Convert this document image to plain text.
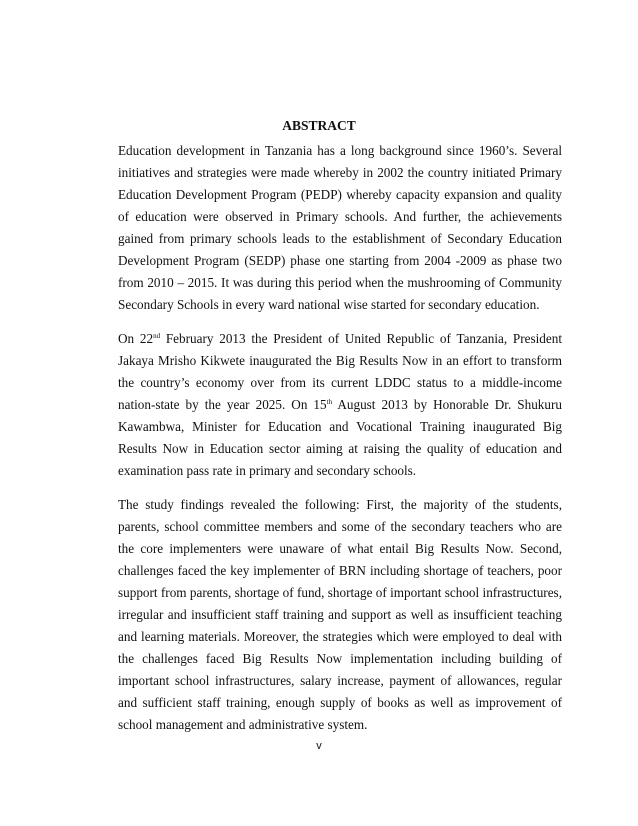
ABSTRACT

Education development in Tanzania has a long background since 1960’s. Several initiatives and strategies were made whereby in 2002 the country initiated Primary Education Development Program (PEDP) whereby capacity expansion and quality of education were observed in Primary schools. And further, the achievements gained from primary schools leads to the establishment of Secondary Education Development Program (SEDP) phase one starting from 2004 -2009 as phase two from 2010 – 2015. It was during this period when the mushrooming of Community Secondary Schools in every ward national wise started for secondary education.

On 22nd February 2013 the President of United Republic of Tanzania, President Jakaya Mrisho Kikwete inaugurated the Big Results Now in an effort to transform the country’s economy over from its current LDDC status to a middle-income nation-state by the year 2025. On 15th August 2013 by Honorable Dr. Shukuru Kawambwa, Minister for Education and Vocational Training inaugurated Big Results Now in Education sector aiming at raising the quality of education and examination pass rate in primary and secondary schools.

The study findings revealed the following: First, the majority of the students, parents, school committee members and some of the secondary teachers who are the core implementers were unaware of what entail Big Results Now. Second, challenges faced the key implementer of BRN including shortage of teachers, poor support from parents, shortage of fund, shortage of important school infrastructures, irregular and insufficient staff training and support as well as insufficient teaching and learning materials. Moreover, the strategies which were employed to deal with the challenges faced Big Results Now implementation including building of important school infrastructures, salary increase, payment of allowances, regular and sufficient staff training, enough supply of books as well as improvement of school management and administrative system.

v
